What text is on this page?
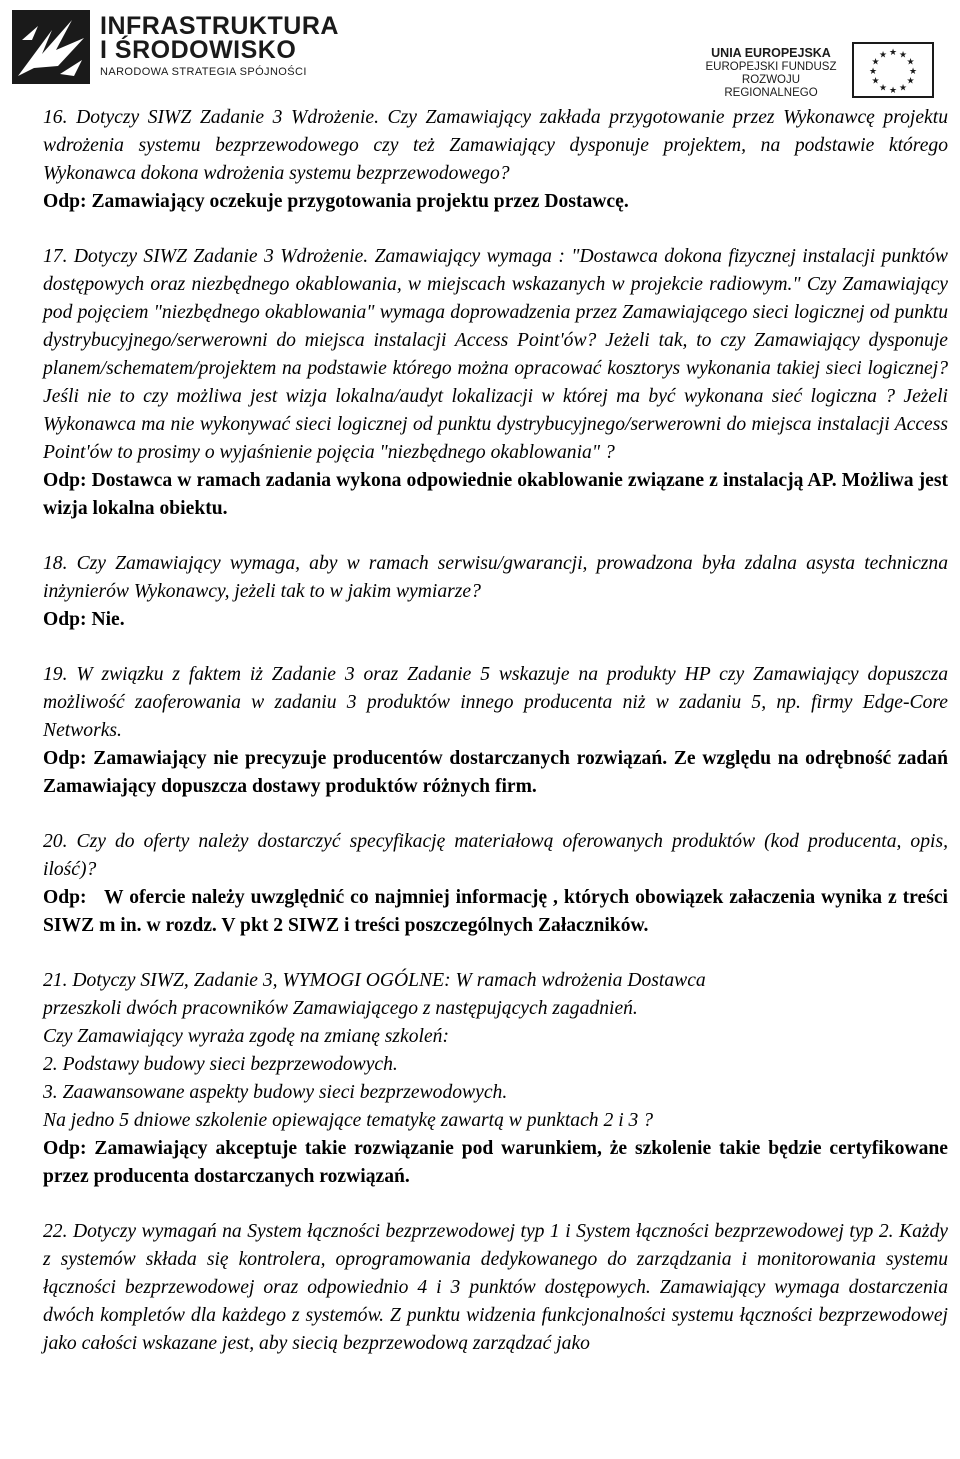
INFRASTRUKTURA
I ŚRODOWISKO
NARODOWA STRATEGIA SPÓJNOŚCI
UNIA EUROPEJSKA
EUROPEJSKI FUNDUSZ
ROZWOJU REGIONALNEGO
★ ★
★
★
★
★
★
★
★
★
★
★
16. Dotyczy SIWZ Zadanie 3 Wdrożenie. Czy Zamawiający zakłada przygotowanie przez Wykonawcę projektu wdrożenia systemu bezprzewodowego czy też Zamawiający dysponuje projektem, na podstawie którego Wykonawca dokona wdrożenia systemu bezprzewodowego?
Odp: Zamawiający oczekuje przygotowania projektu przez Dostawcę.
17. Dotyczy SIWZ Zadanie 3 Wdrożenie. Zamawiający wymaga : "Dostawca dokona fizycznej instalacji punktów dostępowych oraz niezbędnego okablowania, w miejscach wskazanych w projekcie radiowym." Czy Zamawiający pod pojęciem "niezbędnego okablowania" wymaga doprowadzenia przez Zamawiającego sieci logicznej od punktu dystrybucyjnego/serwerowni do miejsca instalacji Access Point'ów? Jeżeli tak, to czy Zamawiający dysponuje planem/schematem/projektem na podstawie którego można opracować kosztorys wykonania takiej sieci logicznej? Jeśli nie to czy możliwa jest wizja lokalna/audyt lokalizacji w której ma być wykonana sieć logiczna ? Jeżeli Wykonawca ma nie wykonywać sieci logicznej od punktu dystrybucyjnego/serwerowni do miejsca instalacji Access Point'ów to prosimy o wyjaśnienie pojęcia "niezbędnego okablowania" ?
Odp: Dostawca w ramach zadania wykona odpowiednie okablowanie związane z instalacją AP. Możliwa jest wizja lokalna obiektu.
18. Czy Zamawiający wymaga, aby w ramach serwisu/gwarancji, prowadzona była zdalna asysta techniczna inżynierów Wykonawcy, jeżeli tak to w jakim wymiarze?
Odp: Nie.
19. W związku z faktem iż Zadanie 3 oraz Zadanie 5 wskazuje na produkty HP czy Zamawiający dopuszcza możliwość zaoferowania w zadaniu 3 produktów innego producenta niż w zadaniu 5, np. firmy Edge-Core Networks.
Odp: Zamawiający nie precyzuje producentów dostarczanych rozwiązań. Ze względu na odrębność zadań Zamawiający dopuszcza dostawy produktów różnych firm.
20. Czy do oferty należy dostarczyć specyfikację materiałową oferowanych produktów (kod producenta, opis, ilość)?
Odp:   W ofercie należy uwzględnić co najmniej informację , których obowiązek załaczenia wynika z treści SIWZ m in. w rozdz. V pkt 2 SIWZ i treści poszczególnych Załaczników.
21. Dotyczy SIWZ, Zadanie 3, WYMOGI OGÓLNE: W ramach wdrożenia Dostawca
przeszkoli dwóch pracowników Zamawiającego z następujących zagadnień.
Czy Zamawiający wyraża zgodę na zmianę szkoleń:
2. Podstawy budowy sieci bezprzewodowych.
3. Zaawansowane aspekty budowy sieci bezprzewodowych.
Na jedno 5 dniowe szkolenie opiewające tematykę zawartą w punktach 2 i 3 ?
Odp: Zamawiający akceptuje takie rozwiązanie pod warunkiem, że szkolenie takie będzie certyfikowane przez producenta dostarczanych rozwiązań.
22. Dotyczy wymagań na System łączności bezprzewodowej typ 1 i System łączności bezprzewodowej typ 2. Każdy z systemów składa się kontrolera, oprogramowania dedykowanego do zarządzania i monitorowania systemu łączności bezprzewodowej oraz odpowiednio 4 i 3 punktów dostępowych. Zamawiający wymaga dostarczenia dwóch kompletów dla każdego z systemów. Z punktu widzenia funkcjonalności systemu łączności bezprzewodowej jako całości wskazane jest, aby siecią bezprzewodową zarządzać jako
